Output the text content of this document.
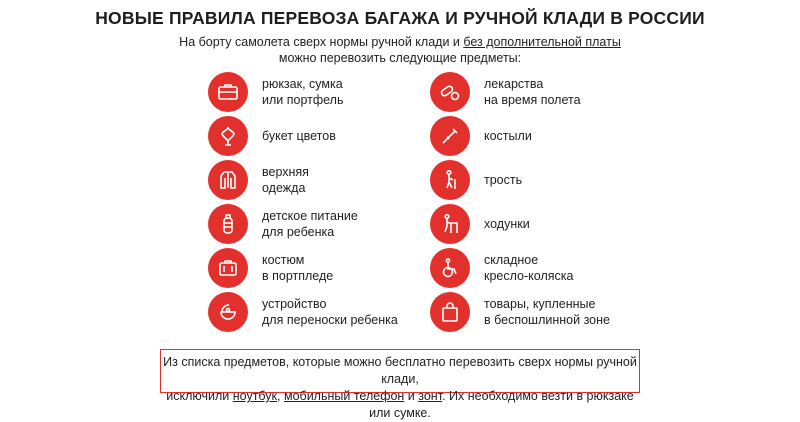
НОВЫЕ ПРАВИЛА ПЕРЕВОЗА БАГАЖА И РУЧНОЙ КЛАДИ В РОССИИ
На борту самолета сверх нормы ручной клади и без дополнительной платы
можно перевозить следующие предметы:
рюкзак, сумка
или портфель
букет цветов
верхняя
одежда
детское питание
для ребенка
костюм
в портпледе
устройство
для переноски ребенка
лекарства
на время полета
костыли
трость
ходунки
складное
кресло-коляска
товары, купленные
в беспошлинной зоне
Из списка предметов, которые можно бесплатно перевозить сверх нормы ручной клади,
исключили ноутбук, мобильный телефон и зонт. Их необходимо везти в рюкзаке или сумке.
